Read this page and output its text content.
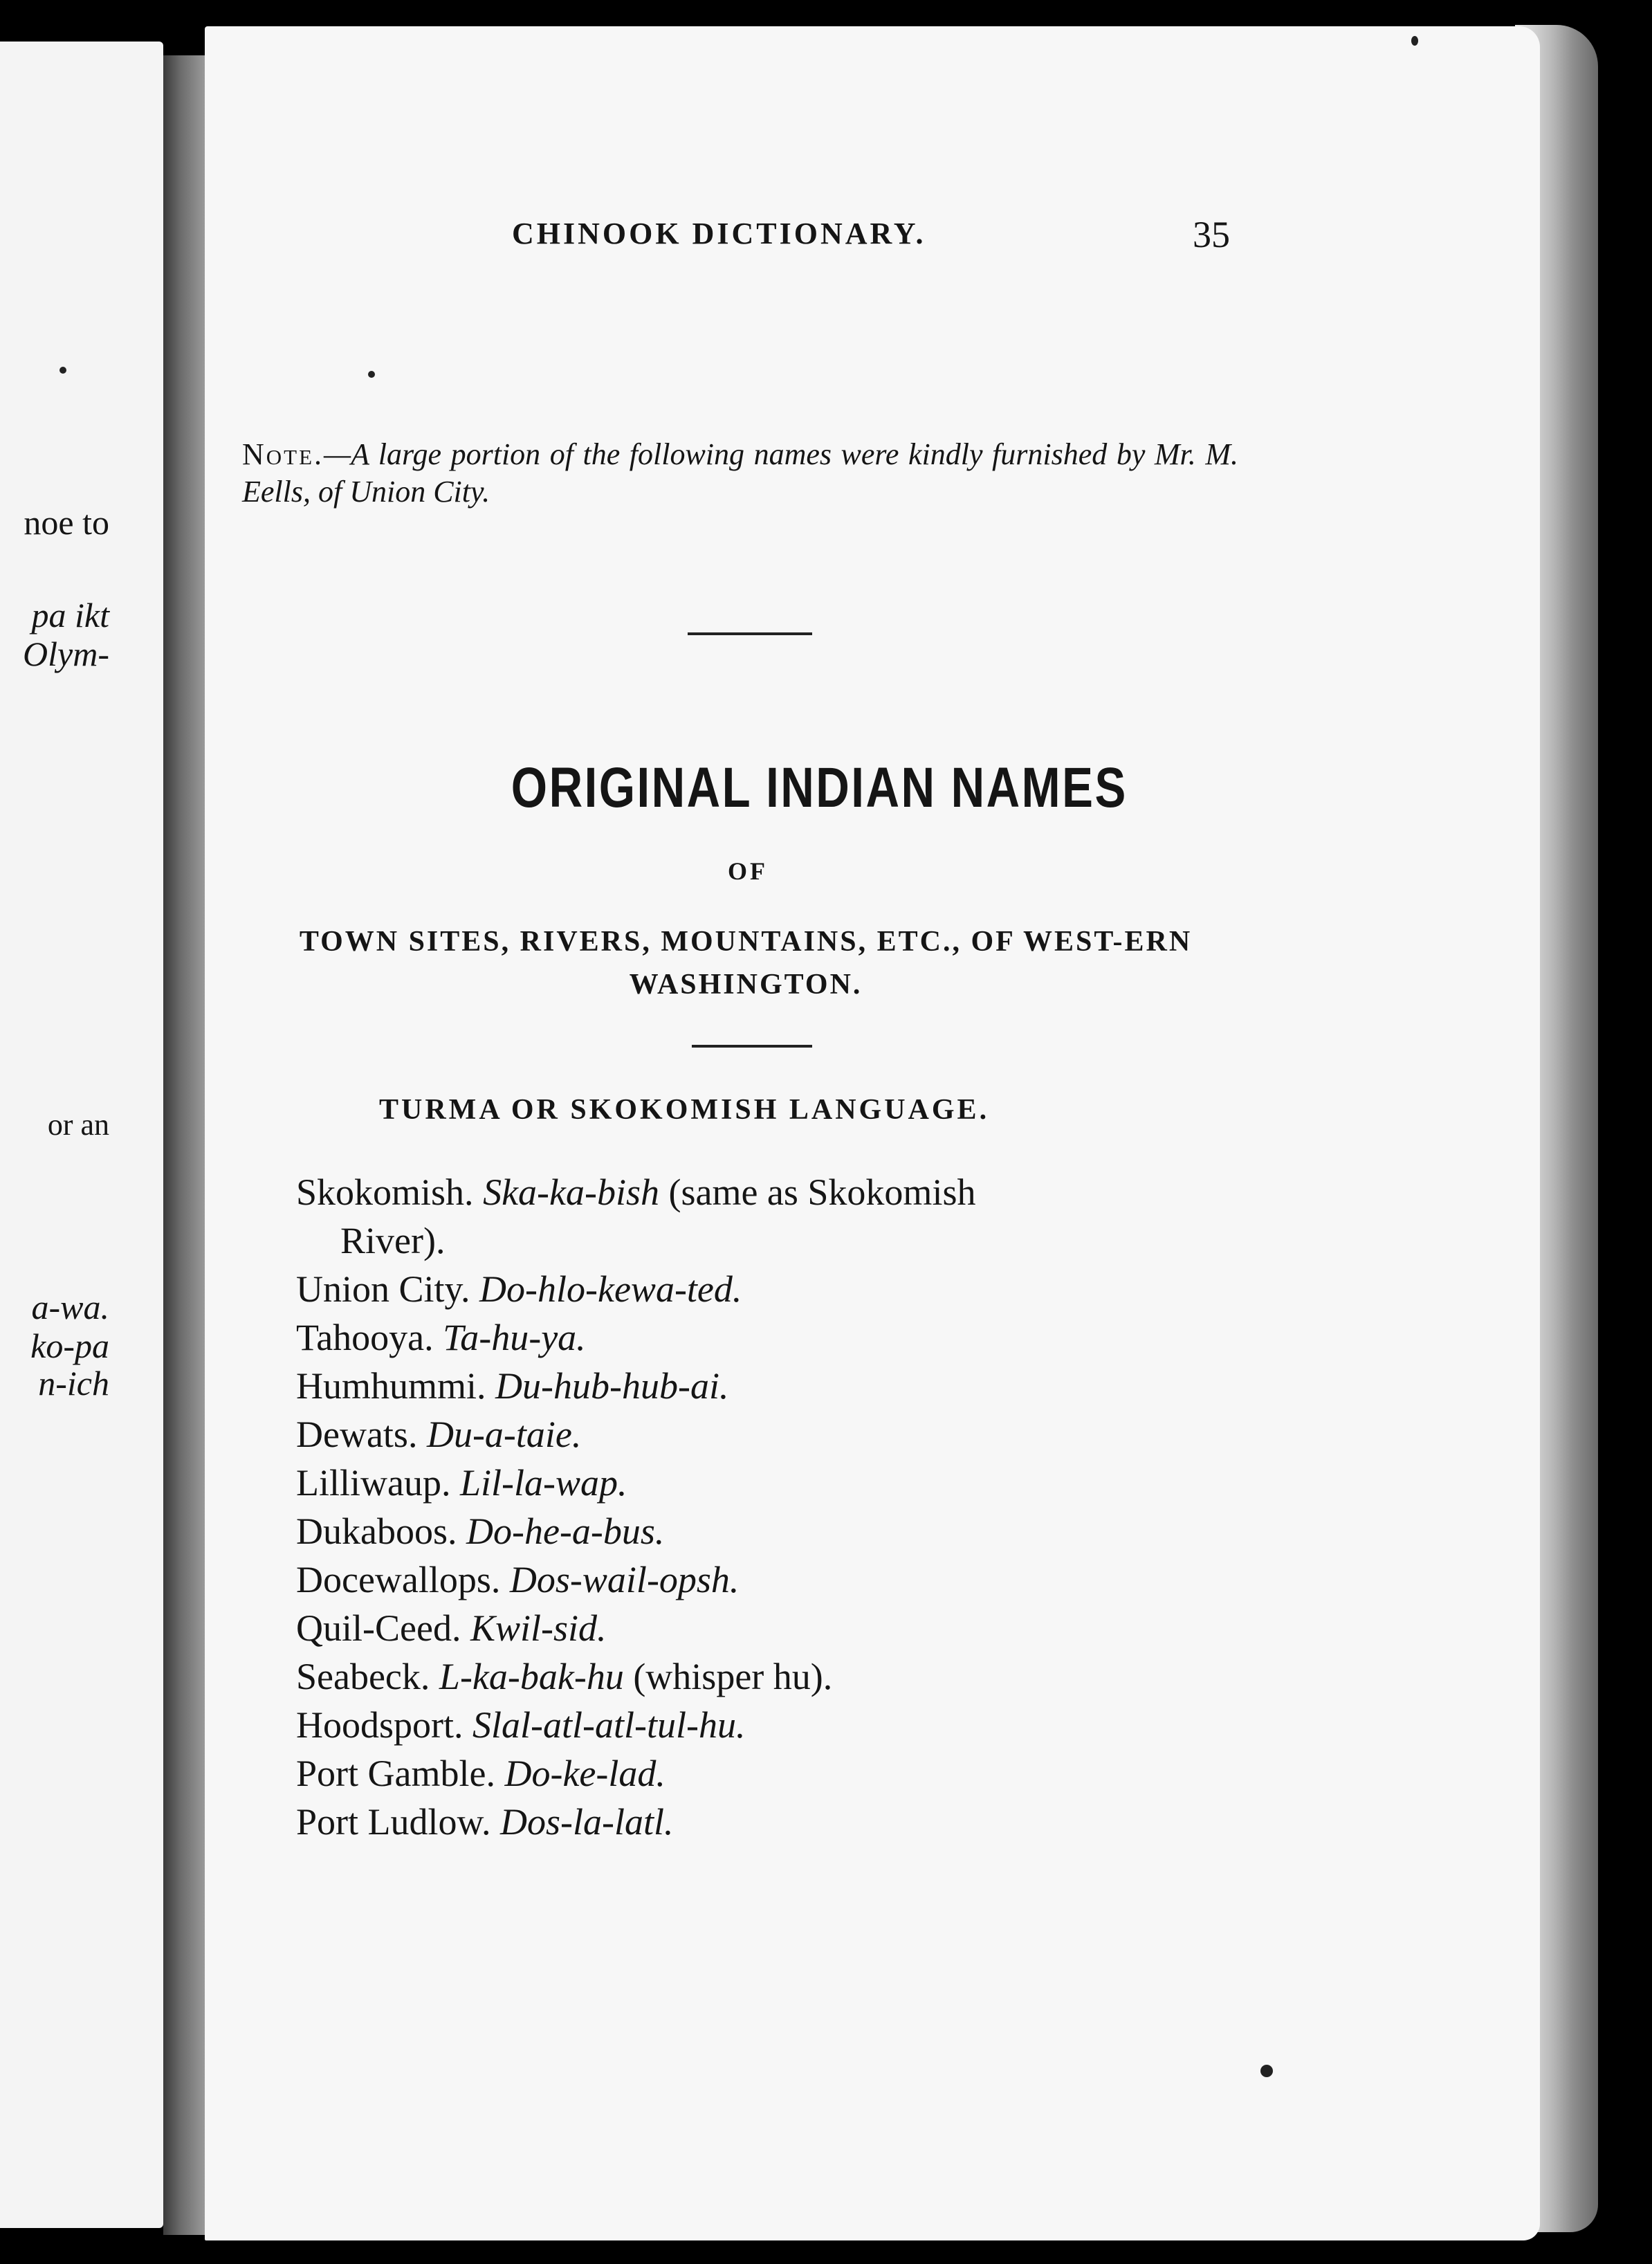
noe to
pa ikt
Olym-
or an
a-wa.
ko-pa
n-ich
CHINOOK DICTIONARY.	35
Note.—A large portion of the following names were kindly furnished by Mr. M. Eells, of Union City.
ORIGINAL INDIAN NAMES
OF
TOWN SITES, RIVERS, MOUNTAINS, ETC., OF WEST-ERN WASHINGTON.
TURMA OR SKOKOMISH LANGUAGE.
Skokomish. Ska-ka-bish (same as Skokomish
River).
Union City. Do-hlo-kewa-ted.
Tahooya. Ta-hu-ya.
Humhummi. Du-hub-hub-ai.
Dewats. Du-a-taie.
Lilliwaup. Lil-la-wap.
Dukaboos. Do-he-a-bus.
Docewallops. Dos-wail-opsh.
Quil-Ceed. Kwil-sid.
Seabeck. L-ka-bak-hu (whisper hu).
Hoodsport. Slal-atl-atl-tul-hu.
Port Gamble. Do-ke-lad.
Port Ludlow. Dos-la-latl.
